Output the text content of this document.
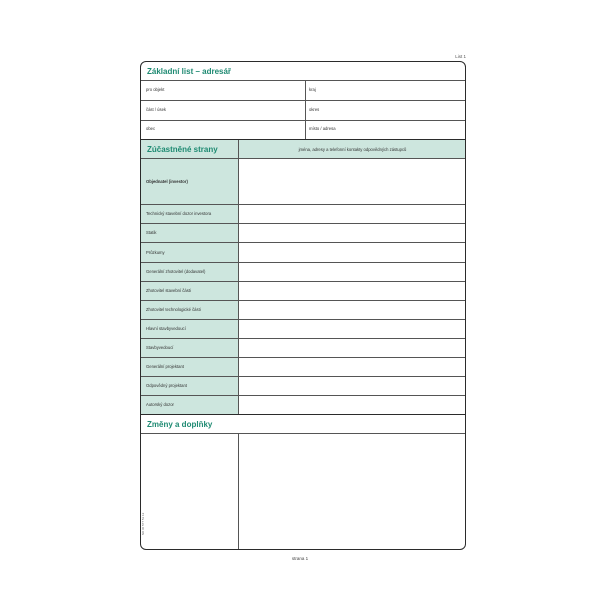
List 1
Základní list – adresář
pro objekt	kraj
část / úsek	okres
obec	místo / adresa
Zúčastněné strany	jména, adresy a telefonní kontakty odpovědných zástupců
Objednatel (investor)
Technický stavební dozor investora
Statik
Průzkumy
Generální zhotovitel (dodavatel)
Zhotovitel stavební části
Zhotovitel technologické části
Hlavní stavbyvedoucí
Stavbyvedoucí
Generální projektant
Odpovědný projektant
Autorský dozor
Změny a doplňky
ND ID 577 51 12
strana 1
